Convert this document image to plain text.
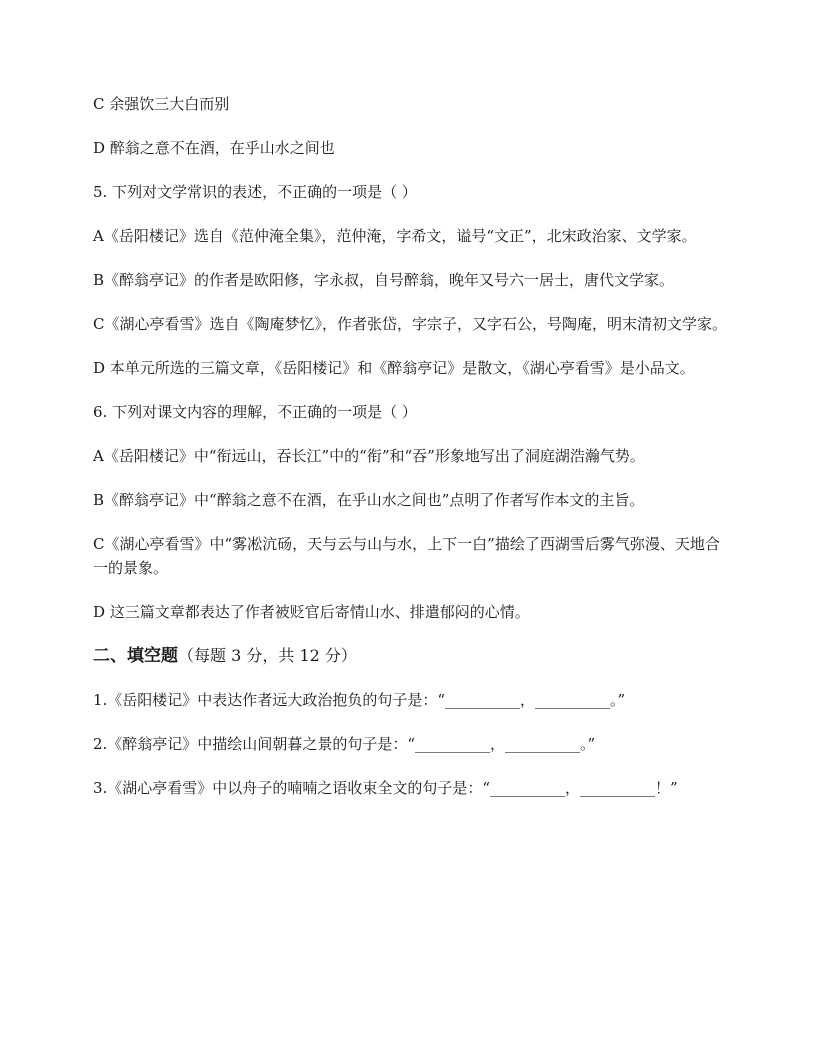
C 余强饮三大白而别

D 醉翁之意不在酒，在乎山水之间也

5. 下列对文学常识的表述，不正确的一项是（ ）

A《岳阳楼记》选自《范仲淹全集》，范仲淹，字希文，谥号“文正”，北宋政治家、文学家。

B《醉翁亭记》的作者是欧阳修，字永叔，自号醉翁，晚年又号六一居士，唐代文学家。

C《湖心亭看雪》选自《陶庵梦忆》，作者张岱，字宗子，又字石公，号陶庵，明末清初文学家。

D 本单元所选的三篇文章，《岳阳楼记》和《醉翁亭记》是散文，《湖心亭看雪》是小品文。

6. 下列对课文内容的理解，不正确的一项是（ ）

A《岳阳楼记》中“衔远山，吞长江”中的“衔”和“吞”形象地写出了洞庭湖浩瀚气势。

B《醉翁亭记》中“醉翁之意不在酒，在乎山水之间也”点明了作者写作本文的主旨。

C《湖心亭看雪》中“雾凇沆砀，天与云与山与水，上下一白”描绘了西湖雪后雾气弥漫、天地合一的景象。

D 这三篇文章都表达了作者被贬官后寄情山水、排遣郁闷的心情。

二、填空题（每题 3 分，共 12 分）

1.《岳阳楼记》中表达作者远大政治抱负的句子是：“__________，__________。”

2.《醉翁亭记》中描绘山间朝暮之景的句子是：“__________，__________。”

3.《湖心亭看雪》中以舟子的喃喃之语收束全文的句子是：“__________，__________！”
